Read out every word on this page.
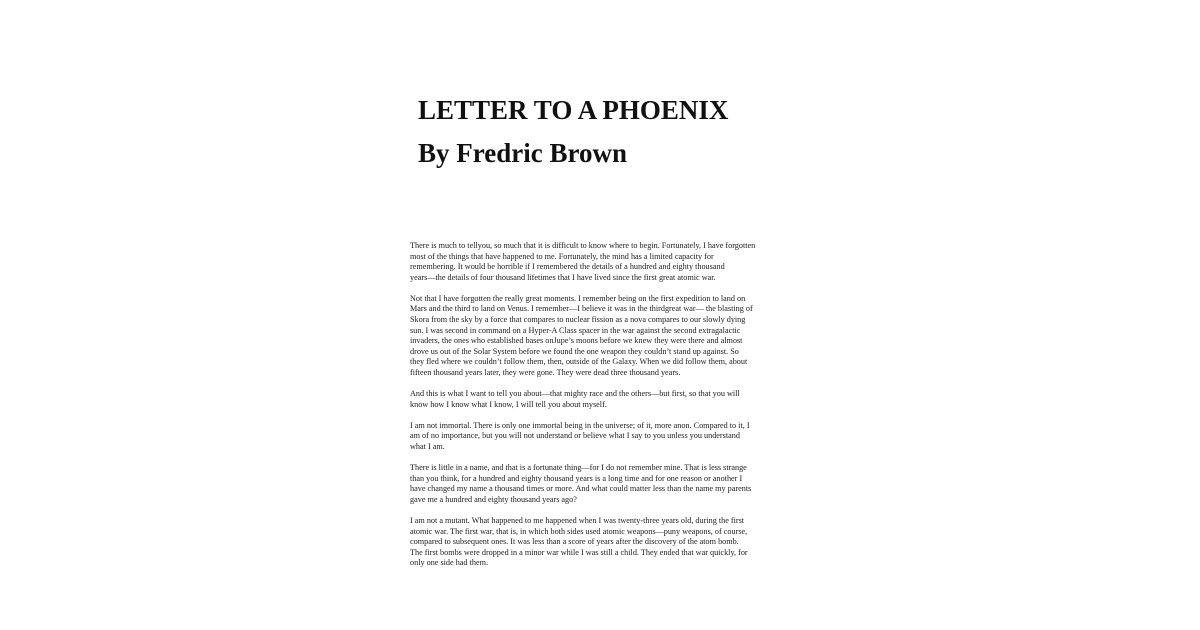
LETTER TO A PHOENIX
By Fredric Brown

There is much to tellyou, so much that it is difficult to know where to begin. Fortunately, I have forgotten
most of the things that have happened to me. Fortunately, the mind has a limited capacity for
remembering. It would be horrible if I remembered the details of a hundred and eighty thousand
years—the details of four thousand lifetimes that I have lived since the first great atomic war.

Not that I have forgotten the really great moments. I remember being on the first expedition to land on
Mars and the third to land on Venus. I remember—I believe it was in the thirdgreat war— the blasting of
Skora from the sky by a force that compares to nuclear fission as a nova compares to our slowly dying
sun. I was second in command on a Hyper-A Class spacer in the war against the second extragalactic
invaders, the ones who established bases onJupe’s moons before we knew they were there and almost
drove us out of the Solar System before we found the one weapon they couldn’t stand up against. So
they fled where we couldn’t follow them, then, outside of the Galaxy. When we did follow them, about
fifteen thousand years later, they were gone. They were dead three thousand years.

And this is what I want to tell you about—that mighty race and the others—but first, so that you will
know how I know what I know, I will tell you about myself.

I am not immortal. There is only one immortal being in the universe; of it, more anon. Compared to it, I
am of no importance, but you will not understand or believe what I say to you unless you understand
what I am.

There is little in a name, and that is a fortunate thing—for I do not remember mine. That is less strange
than you think, for a hundred and eighty thousand years is a long time and for one reason or another I
have changed my name a thousand times or more. And what could matter less than the name my parents
gave me a hundred and eighty thousand years ago?

I am not a mutant. What happened to me happened when I was twenty-three years old, during the first
atomic war. The first war, that is, in which both sides used atomic weapons—puny weapons, of course,
compared to subsequent ones. It was less than a score of years after the discovery of the atom bomb.
The first bombs were dropped in a minor war while I was still a child. They ended that war quickly, for
only one side had them.
